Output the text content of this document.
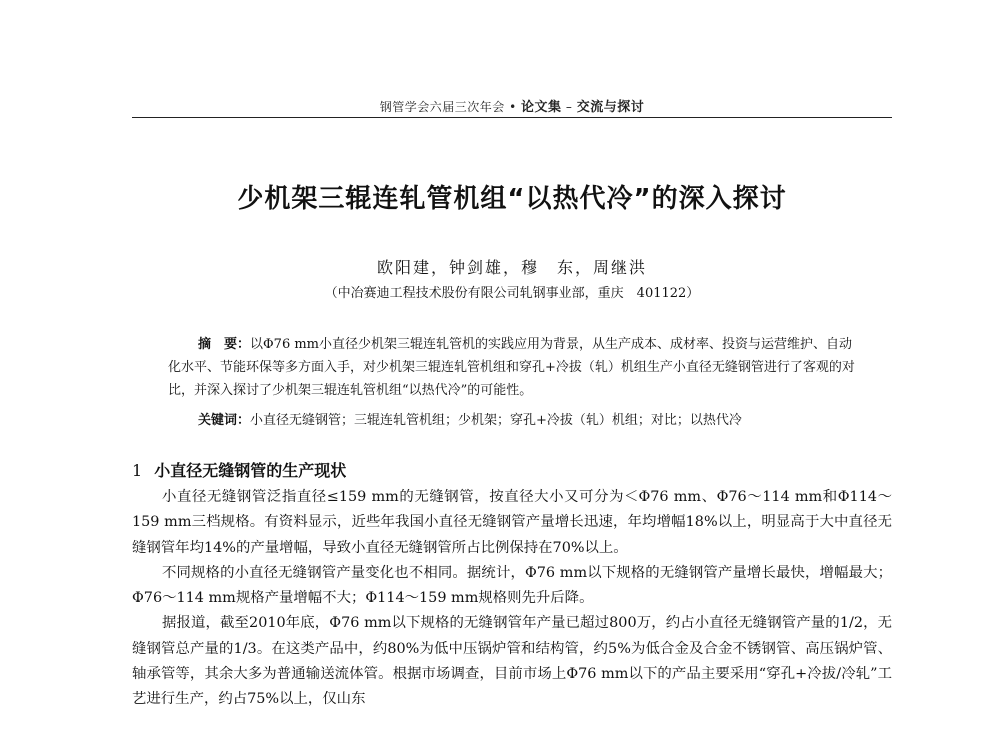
钢管学会六届三次年会 • 论文集 – 交流与探讨
少机架三辊连轧管机组“以热代冷”的深入探讨
欧阳建，钟剑雄，穆　东，周继洪
（中冶赛迪工程技术股份有限公司轧钢事业部，重庆　401122）
摘　要：以Φ76 mm小直径少机架三辊连轧管机的实践应用为背景，从生产成本、成材率、投资与运营维护、自动化水平、节能环保等多方面入手，对少机架三辊连轧管机组和穿孔+冷拔（轧）机组生产小直径无缝钢管进行了客观的对比，并深入探讨了少机架三辊连轧管机组“以热代冷”的可能性。
关键词：小直径无缝钢管；三辊连轧管机组；少机架；穿孔+冷拔（轧）机组；对比；以热代冷
1 小直径无缝钢管的生产现状

小直径无缝钢管泛指直径≤159 mm的无缝钢管，按直径大小又可分为＜Φ76 mm、Φ76～114 mm和Φ114～159 mm三档规格。有资料显示，近些年我国小直径无缝钢管产量增长迅速，年均增幅18%以上，明显高于大中直径无缝钢管年均14%的产量增幅，导致小直径无缝钢管所占比例保持在70%以上。

不同规格的小直径无缝钢管产量变化也不相同。据统计，Φ76 mm以下规格的无缝钢管产量增长最快，增幅最大；Φ76～114 mm规格产量增幅不大；Φ114～159 mm规格则先升后降。

据报道，截至2010年底，Φ76 mm以下规格的无缝钢管年产量已超过800万，约占小直径无缝钢管产量的1/2，无缝钢管总产量的1/3。在这类产品中，约80%为低中压锅炉管和结构管，约5%为低合金及合金不锈钢管、高压锅炉管、轴承管等，其余大多为普通输送流体管。根据市场调查，目前市场上Φ76 mm以下的产品主要采用“穿孔+冷拔/冷轧”工艺进行生产，约占75%以上，仅山东
